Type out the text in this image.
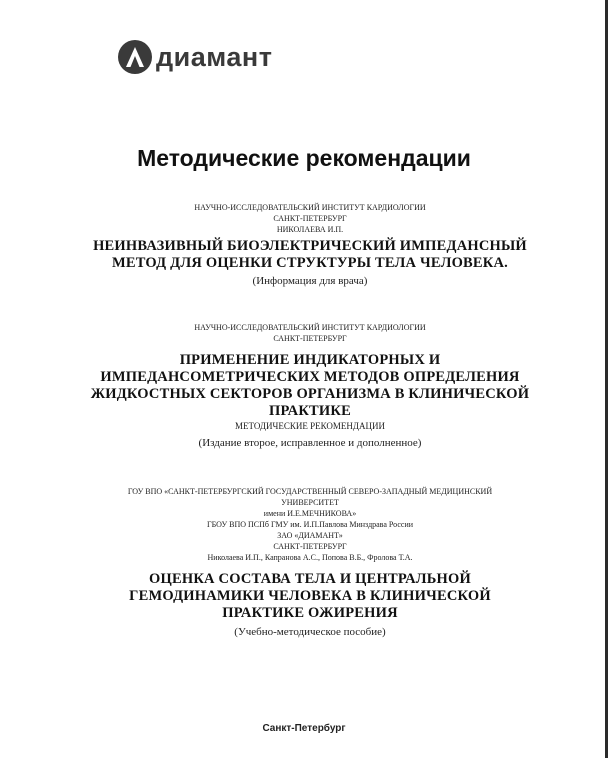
диамант
Методические рекомендации
НАУЧНО-ИССЛЕДОВАТЕЛЬСКИЙ ИНСТИТУТ КАРДИОЛОГИИ
САНКТ-ПЕТЕРБУРГ
НИКОЛАЕВА И.П.
НЕИНВАЗИВНЫЙ БИОЭЛЕКТРИЧЕСКИЙ ИМПЕДАНСНЫЙ
МЕТОД ДЛЯ ОЦЕНКИ СТРУКТУРЫ ТЕЛА ЧЕЛОВЕКА.
(Информация для врача)
НАУЧНО-ИССЛЕДОВАТЕЛЬСКИЙ ИНСТИТУТ КАРДИОЛОГИИ
САНКТ-ПЕТЕРБУРГ
ПРИМЕНЕНИЕ ИНДИКАТОРНЫХ И
ИМПЕДАНСОМЕТРИЧЕСКИХ МЕТОДОВ ОПРЕДЕЛЕНИЯ
ЖИДКОСТНЫХ СЕКТОРОВ ОРГАНИЗМА В КЛИНИЧЕСКОЙ
ПРАКТИКЕ
МЕТОДИЧЕСКИЕ РЕКОМЕНДАЦИИ
(Издание второе, исправленное и дополненное)
ГОУ ВПО «САНКТ-ПЕТЕРБУРГСКИЙ ГОСУДАРСТВЕННЫЙ СЕВЕРО-ЗАПАДНЫЙ МЕДИЦИНСКИЙ
УНИВЕРСИТЕТ
имени И.Е.МЕЧНИКОВА»
ГБОУ ВПО ПСПб ГМУ им. И.П.Павлова Минздрава России
ЗАО «ДИАМАНТ»
САНКТ-ПЕТЕРБУРГ
Николаева И.П., Капранова А.С., Попова В.Б., Фролова Т.А.
ОЦЕНКА СОСТАВА ТЕЛА И ЦЕНТРАЛЬНОЙ
ГЕМОДИНАМИКИ ЧЕЛОВЕКА В КЛИНИЧЕСКОЙ
ПРАКТИКЕ ОЖИРЕНИЯ
(Учебно-методическое пособие)
Санкт-Петербург
